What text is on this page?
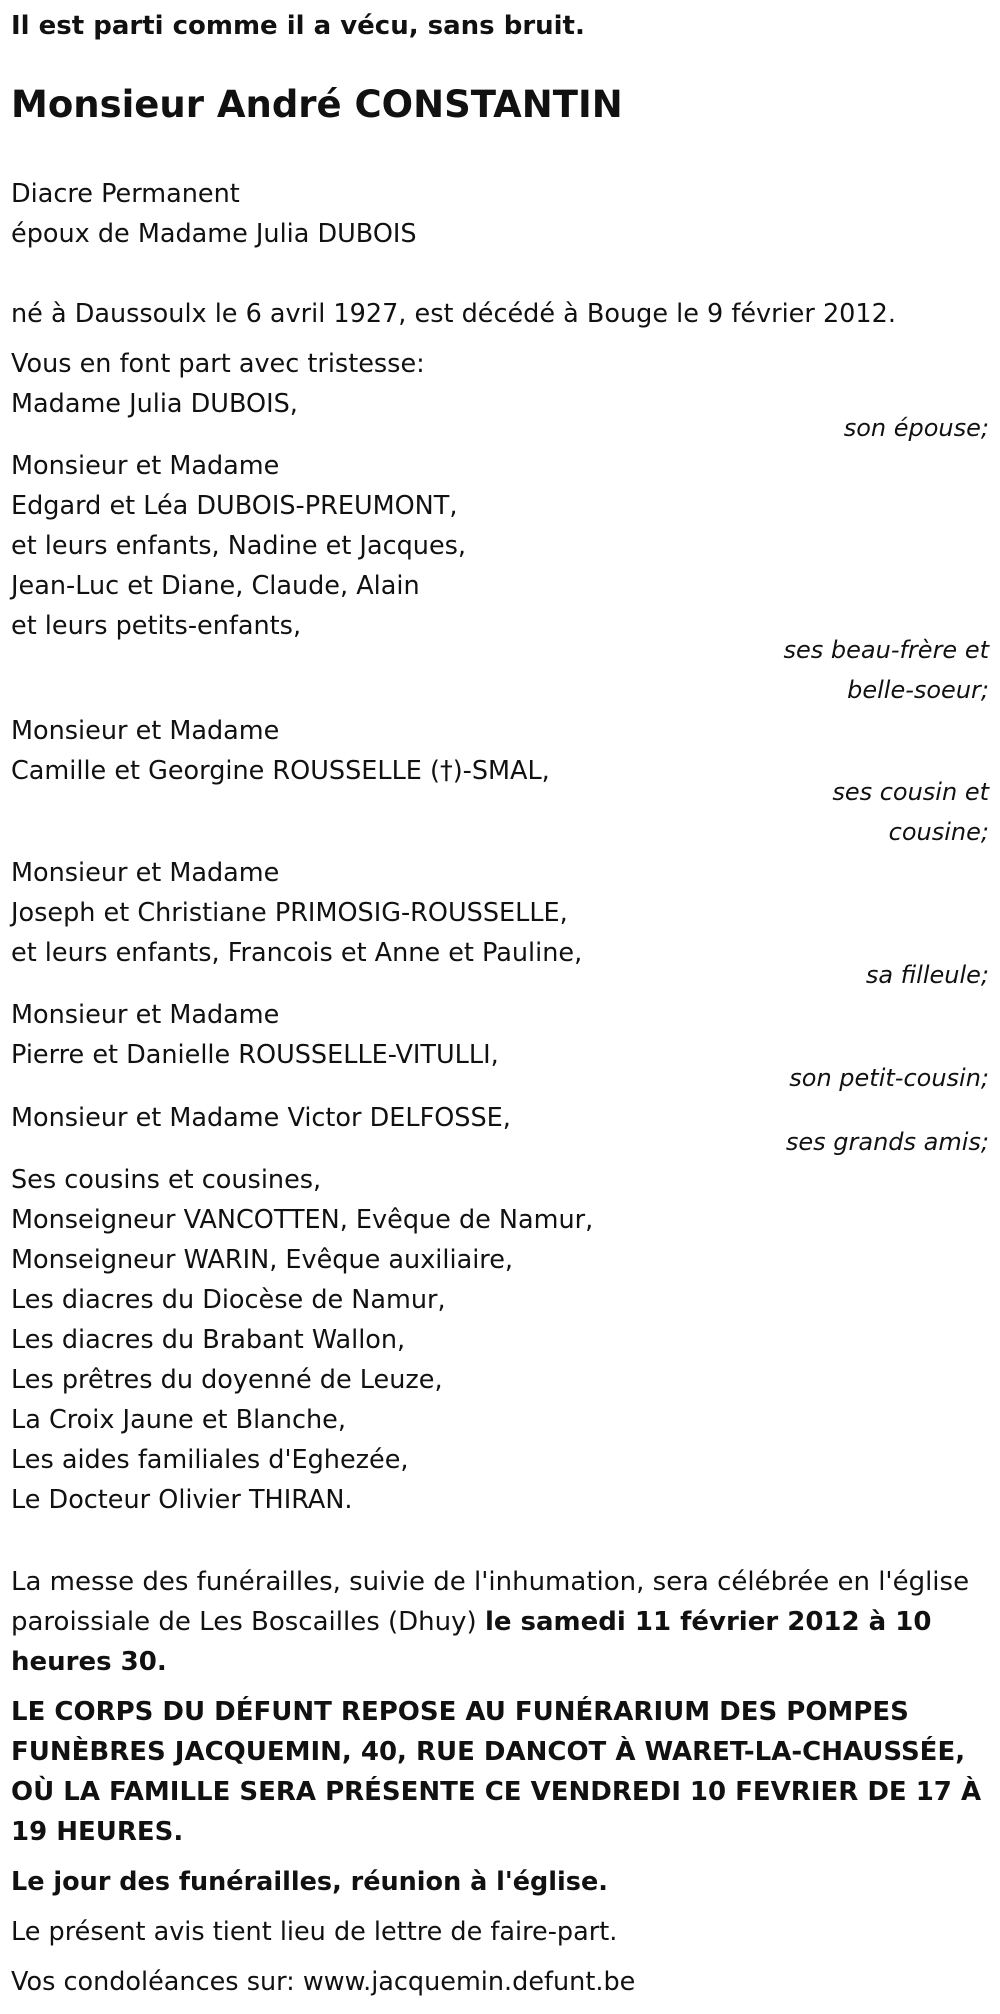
Il est parti comme il a vécu, sans bruit.
Monsieur André CONSTANTIN
Diacre Permanent
époux de Madame Julia DUBOIS
né à Daussoulx le 6 avril 1927, est décédé à Bouge le 9 février 2012.
Vous en font part avec tristesse:
Madame Julia DUBOIS,
son épouse;
Monsieur et Madame
Edgard et Léa DUBOIS-PREUMONT,
et leurs enfants, Nadine et Jacques,
Jean-Luc et Diane, Claude, Alain
et leurs petits-enfants,
ses beau-frère et
belle-soeur;
Monsieur et Madame
Camille et Georgine ROUSSELLE (†)-SMAL,
ses cousin et
cousine;
Monsieur et Madame
Joseph et Christiane PRIMOSIG-ROUSSELLE,
et leurs enfants, Francois et Anne et Pauline,
sa filleule;
Monsieur et Madame
Pierre et Danielle ROUSSELLE-VITULLI,
son petit-cousin;
Monsieur et Madame Victor DELFOSSE,
ses grands amis;
Ses cousins et cousines,
Monseigneur VANCOTTEN, Evêque de Namur,
Monseigneur WARIN, Evêque auxiliaire,
Les diacres du Diocèse de Namur,
Les diacres du Brabant Wallon,
Les prêtres du doyenné de Leuze,
La Croix Jaune et Blanche,
Les aides familiales d'Eghezée,
Le Docteur Olivier THIRAN.
La messe des funérailles, suivie de l'inhumation, sera célébrée en l'église paroissiale de Les Boscailles (Dhuy) le samedi 11 février 2012 à 10 heures 30.
LE CORPS DU DÉFUNT REPOSE AU FUNÉRARIUM DES POMPES FUNÈBRES JACQUEMIN, 40, RUE DANCOT À WARET-LA-CHAUSSÉE, OÙ LA FAMILLE SERA PRÉSENTE CE VENDREDI 10 FEVRIER DE 17 À 19 HEURES.
Le jour des funérailles, réunion à l'église.
Le présent avis tient lieu de lettre de faire-part.
Vos condoléances sur: www.jacquemin.defunt.be
